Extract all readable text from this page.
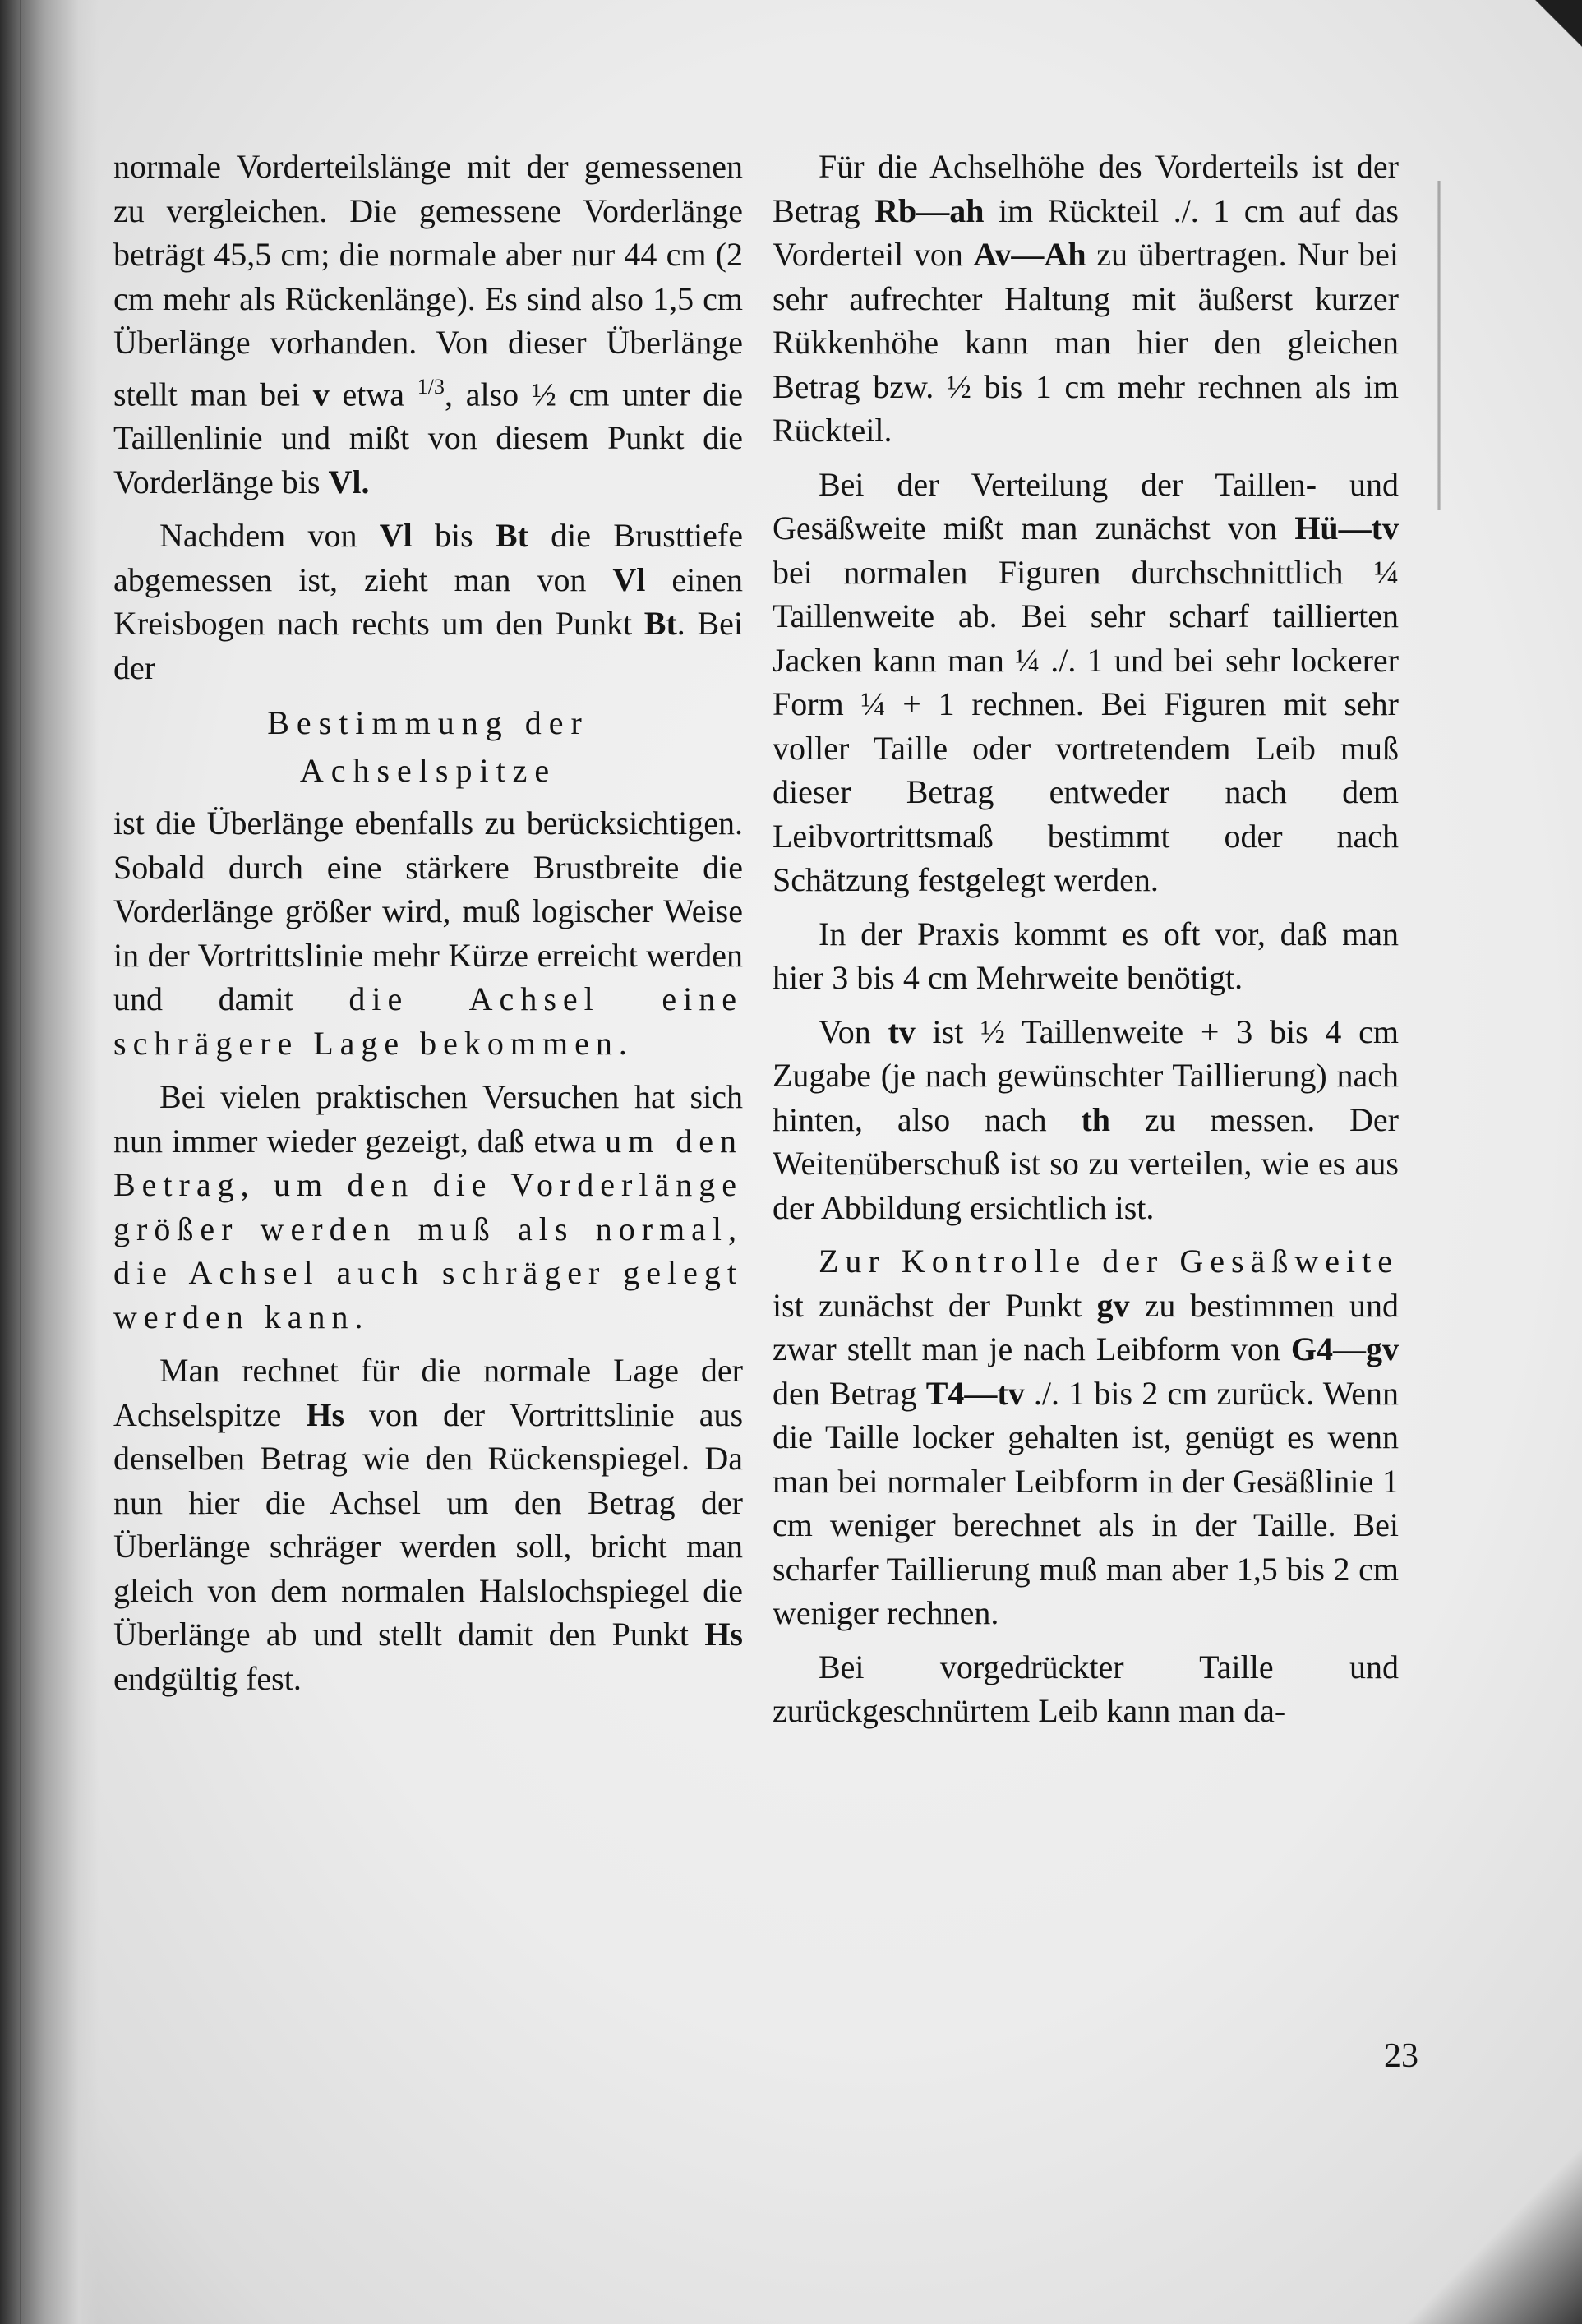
normale Vorderteilslänge mit der gemessenen zu vergleichen. Die gemessene Vorderlänge beträgt 45,5 cm; die normale aber nur 44 cm (2 cm mehr als Rückenlänge). Es sind also 1,5 cm Überlänge vorhanden. Von dieser Überlänge stellt man bei v etwa $^{1/3}$, also ½ cm unter die Taillenlinie und mißt von diesem Punkt die Vorderlänge bis Vl.

Nachdem von Vl bis Bt die Brusttiefe abgemessen ist, zieht man von Vl einen Kreisbogen nach rechts um den Punkt Bt. Bei der

Bestimmung der
Achselspitze

ist die Überlänge ebenfalls zu berücksichtigen. Sobald durch eine stärkere Brustbreite die Vorderlänge größer wird, muß logischer Weise in der Vortrittslinie mehr Kürze erreicht werden und damit die Achsel eine schrägere Lage bekommen.

Bei vielen praktischen Versuchen hat sich nun immer wieder gezeigt, daß etwa um den Betrag, um den die Vorderlänge größer werden muß als normal, die Achsel auch schräger gelegt werden kann.

Man rechnet für die normale Lage der Achselspitze Hs von der Vortrittslinie aus denselben Betrag wie den Rückenspiegel. Da nun hier die Achsel um den Betrag der Überlänge schräger werden soll, bricht man gleich von dem normalen Halslochspiegel die Überlänge ab und stellt damit den Punkt Hs endgültig fest.

Für die Achselhöhe des Vorderteils ist der Betrag Rb—ah im Rückteil ./. 1 cm auf das Vorderteil von Av—Ah zu übertragen. Nur bei sehr aufrechter Haltung mit äußerst kurzer Rükkenhöhe kann man hier den gleichen Betrag bzw. ½ bis 1 cm mehr rechnen als im Rückteil.

Bei der Verteilung der Taillen- und Gesäßweite mißt man zunächst von Hü—tv bei normalen Figuren durchschnittlich ¼ Taillenweite ab. Bei sehr scharf taillierten Jacken kann man ¼ ./. 1 und bei sehr lockerer Form ¼ + 1 rechnen. Bei Figuren mit sehr voller Taille oder vortretendem Leib muß dieser Betrag entweder nach dem Leibvortrittsmaß bestimmt oder nach Schätzung festgelegt werden.

In der Praxis kommt es oft vor, daß man hier 3 bis 4 cm Mehrweite benötigt.

Von tv ist ½ Taillenweite + 3 bis 4 cm Zugabe (je nach gewünschter Taillierung) nach hinten, also nach th zu messen. Der Weitenüberschuß ist so zu verteilen, wie es aus der Abbildung ersichtlich ist.

Zur Kontrolle der Gesäßweite ist zunächst der Punkt gv zu bestimmen und zwar stellt man je nach Leibform von G4—gv den Betrag T4—tv ./. 1 bis 2 cm zurück. Wenn die Taille locker gehalten ist, genügt es wenn man bei normaler Leibform in der Gesäßlinie 1 cm weniger berechnet als in der Taille. Bei scharfer Taillierung muß man aber 1,5 bis 2 cm weniger rechnen.

Bei vorgedrückter Taille und zurückgeschnürtem Leib kann man da-

23
